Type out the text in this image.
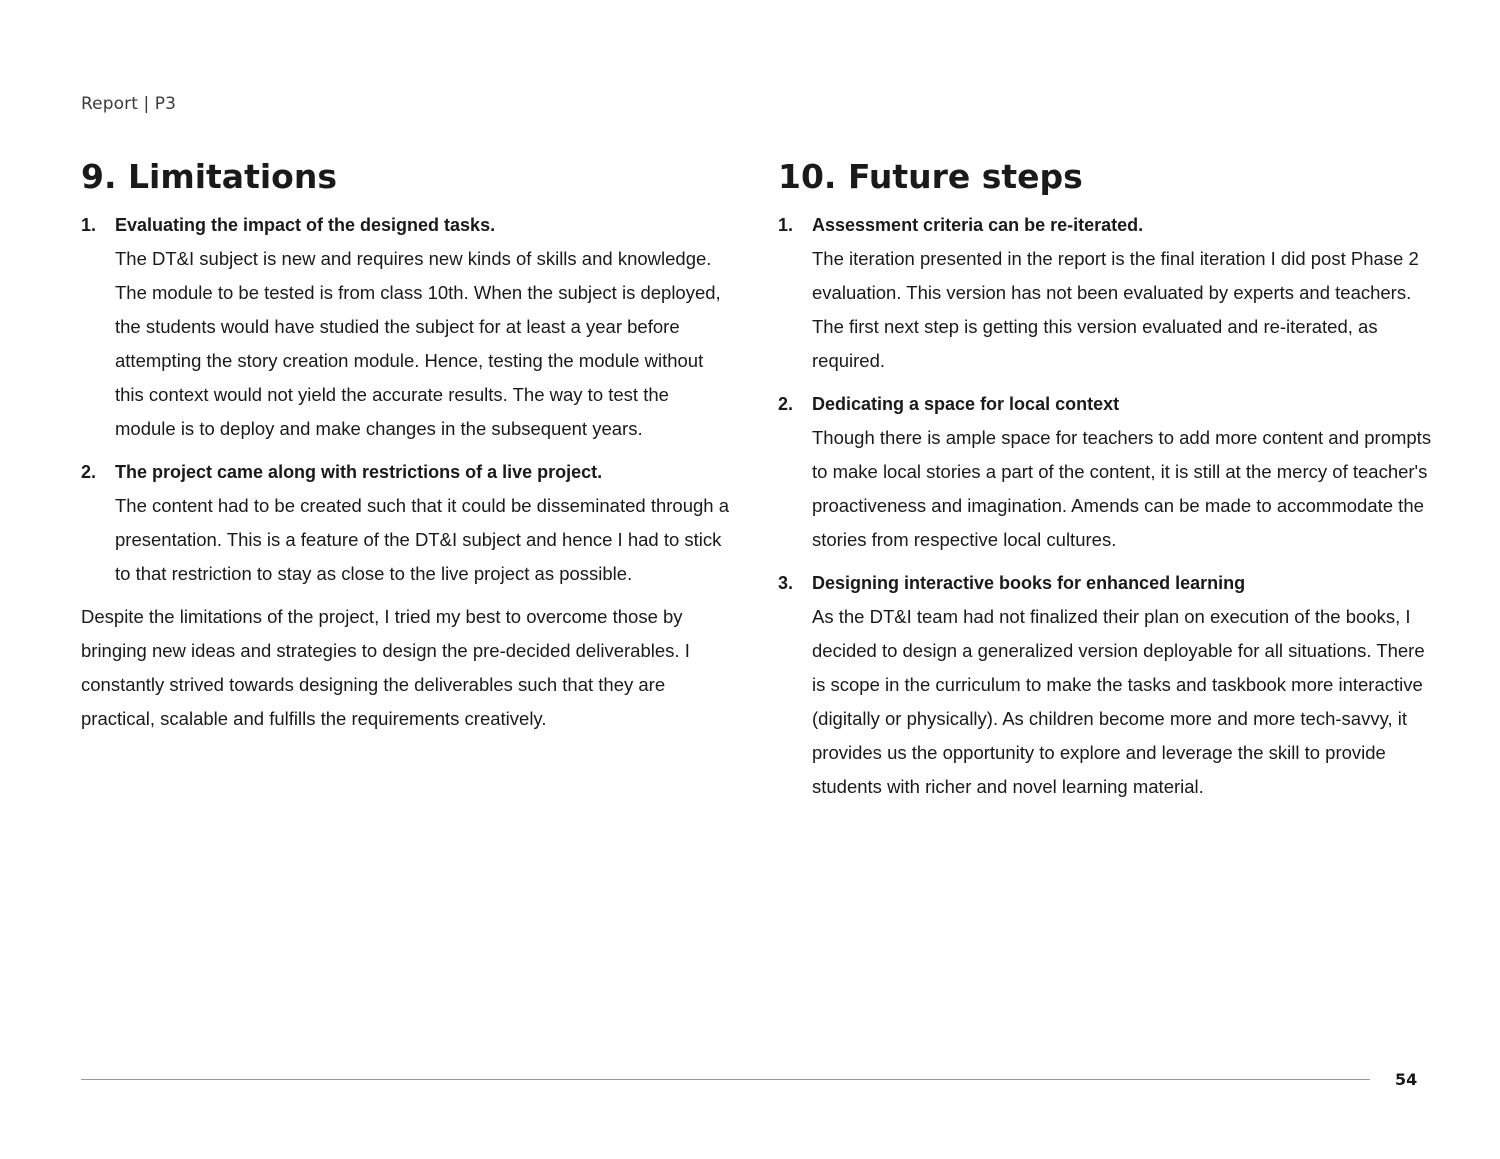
Report | P3
9. Limitations
1. Evaluating the impact of the designed tasks.

The DT&I subject is new and requires new kinds of skills and knowledge. The module to be tested is from class 10th. When the subject is deployed, the students would have studied the subject for at least a year before attempting the story creation module. Hence, testing the module without this context would not yield the accurate results. The way to test the module is to deploy and make changes in the subsequent years.

2. The project came along with restrictions of a live project.

The content had to be created such that it could be disseminated through a presentation. This is a feature of the DT&I subject and hence I had to stick to that restriction to stay as close to the live project as possible.

Despite the limitations of the project, I tried my best to overcome those by bringing new ideas and strategies to design the pre-decided deliverables. I constantly strived towards designing the deliverables such that they are practical, scalable and fulfills the requirements creatively.

10. Future steps
1. Assessment criteria can be re-iterated.

The iteration presented in the report is the final iteration I did post Phase 2 evaluation. This version has not been evaluated by experts and teachers. The first next step is getting this version evaluated and re-iterated, as required.

2. Dedicating a space for local context

Though there is ample space for teachers to add more content and prompts to make local stories a part of the content, it is still at the mercy of teacher's proactiveness and imagination. Amends can be made to accommodate the stories from respective local cultures.

3. Designing interactive books for enhanced learning

As the DT&I team had not finalized their plan on execution of the books, I decided to design a generalized version deployable for all situations. There is scope in the curriculum to make the tasks and taskbook more interactive (digitally or physically). As children become more and more tech-savvy, it provides us the opportunity to explore and leverage the skill to provide students with richer and novel learning material.

54
